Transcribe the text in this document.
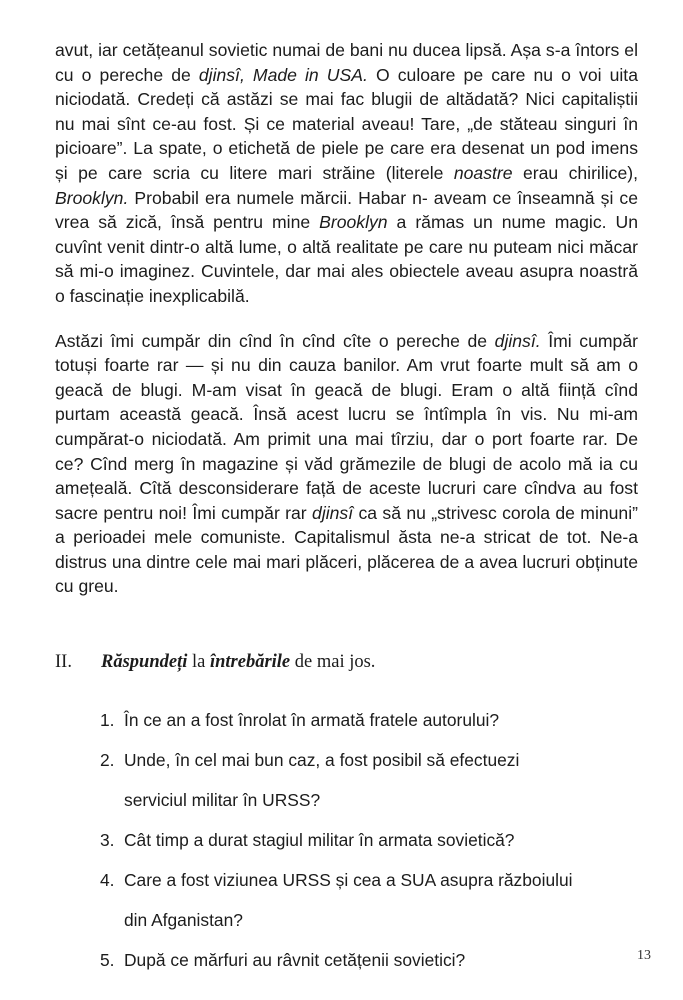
avut, iar cetățeanul sovietic numai de bani nu ducea lipsă. Așa s-a întors el cu o pereche de djinsî, Made in USA. O culoare pe care nu o voi uita niciodată. Credeți că astăzi se mai fac blugii de altădată? Nici capitaliștii nu mai sînt ce-au fost. Și ce material aveau! Tare, „de stăteau singuri în picioare”. La spate, o etichetă de piele pe care era desenat un pod imens și pe care scria cu litere mari străine (literele noastre erau chirilice), Brooklyn. Probabil era numele mărcii. Habar n- aveam ce înseamnă și ce vrea să zică, însă pentru mine Brooklyn a rămas un nume magic. Un cuvînt venit dintr-o altă lume, o altă realitate pe care nu puteam nici măcar să mi-o imaginez. Cuvintele, dar mai ales obiectele aveau asupra noastră o fascinație inexplicabilă.

Astăzi îmi cumpăr din cînd în cînd cîte o pereche de djinsî. Îmi cumpăr totuși foarte rar — și nu din cauza banilor. Am vrut foarte mult să am o geacă de blugi. M-am visat în geacă de blugi. Eram o altă ființă cînd purtam această geacă. Însă acest lucru se întîmpla în vis. Nu mi-am cumpărat-o niciodată. Am primit una mai tîrziu, dar o port foarte rar. De ce? Cînd merg în magazine și văd grămezile de blugi de acolo mă ia cu amețeală. Cîtă desconsiderare față de aceste lucruri care cîndva au fost sacre pentru noi! Îmi cumpăr rar djinsî ca să nu „strivesc corola de minuni” a perioadei mele comuniste. Capitalismul ăsta ne-a stricat de tot. Ne-a distrus una dintre cele mai mari plăceri, plăcerea de a avea lucruri obținute cu greu.

II.	Răspundeți la întrebările de mai jos.
1. În ce an a fost înrolat în armată fratele autorului?
2. Unde, în cel mai bun caz, a fost posibil să efectuezi
serviciul militar în URSS?
3. Cât timp a durat stagiul militar în armata sovietică?
4. Care a fost viziunea URSS și cea a SUA asupra războiului
din Afganistan?
5. După ce mărfuri au râvnit cetățenii sovietici?	13
